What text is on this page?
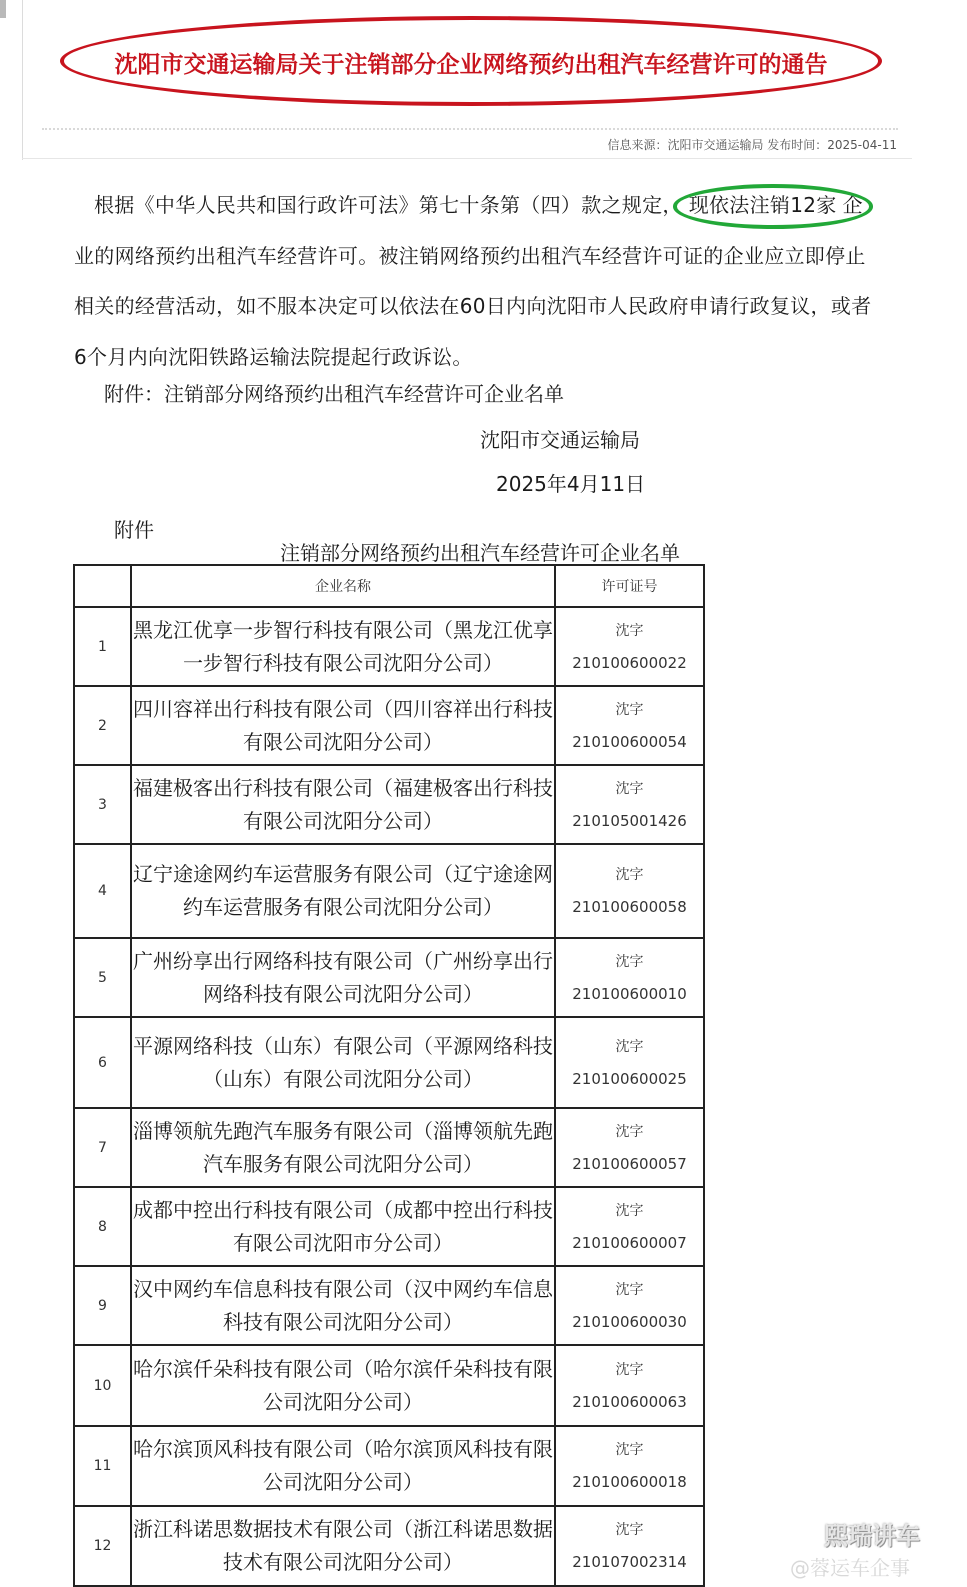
沈阳市交通运输局关于注销部分企业网络预约出租汽车经营许可的通告
信息来源：沈阳市交通运输局 发布时间：2025-04-11
根据《中华人民共和国行政许可法》第七十条第（四）款之规定， 现依法注销12家 企业的网络预约出租汽车经营许可。被注销网络预约出租汽车经营许可证的企业应立即停止相关的经营活动，如不服本决定可以依法在60日内向沈阳市人民政府申请行政复议，或者6个月内向沈阳铁路运输法院提起行政诉讼。
附件：注销部分网络预约出租汽车经营许可企业名单
沈阳市交通运输局
2025年4月11日
附件
注销部分网络预约出租汽车经营许可企业名单
	企业名称	许可证号
1	黑龙江优享一步智行科技有限公司（黑龙江优享一步智行科技有限公司沈阳分公司）	沈字
210100600022

2	四川容祥出行科技有限公司（四川容祥出行科技有限公司沈阳分公司）	沈字
210100600054

3	福建极客出行科技有限公司（福建极客出行科技有限公司沈阳分公司）	沈字
210105001426

4	辽宁途途网约车运营服务有限公司（辽宁途途网约车运营服务有限公司沈阳分公司）	沈字
210100600058

5	广州纷享出行网络科技有限公司（广州纷享出行网络科技有限公司沈阳分公司）	沈字
210100600010

6	平源网络科技（山东）有限公司（平源网络科技（山东）有限公司沈阳分公司）	沈字
210100600025

7	淄博领航先跑汽车服务有限公司（淄博领航先跑汽车服务有限公司沈阳分公司）	沈字
210100600057

8	成都中控出行科技有限公司（成都中控出行科技有限公司沈阳市分公司）	沈字
210100600007

9	汉中网约车信息科技有限公司（汉中网约车信息科技有限公司沈阳分公司）	沈字
210100600030

10	哈尔滨仟朵科技有限公司（哈尔滨仟朵科技有限公司沈阳分公司）	沈字
210100600063

11	哈尔滨顶风科技有限公司（哈尔滨顶风科技有限公司沈阳分公司）	沈字
210100600018

12	浙江科诺思数据技术有限公司（浙江科诺思数据技术有限公司沈阳分公司）	沈字
210107002314
熙瑞讲车
@蓉运车企事
